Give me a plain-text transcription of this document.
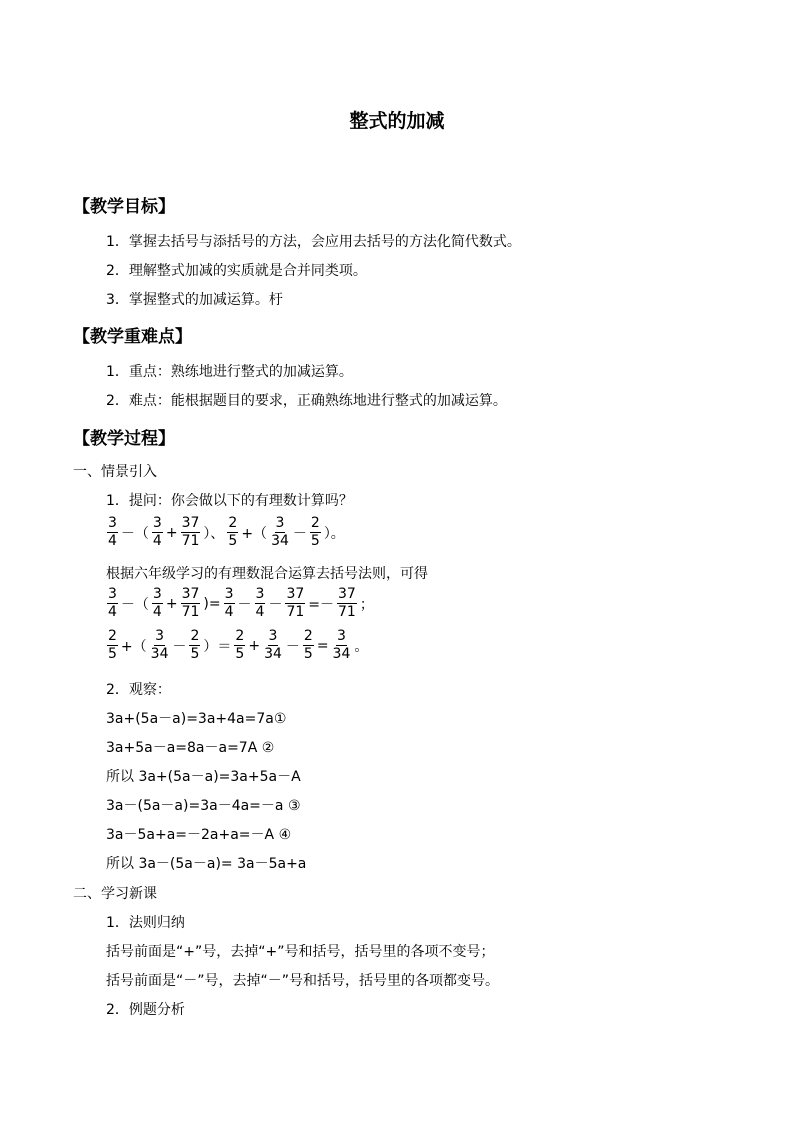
整式的加减
【教学目标】
1．掌握去括号与添括号的方法，会应用去括号的方法化简代数式。
2．理解整式加减的实质就是合并同类项。
3．掌握整式的加减运算。杅
【教学重难点】
1．重点：熟练地进行整式的加减运算。
2．难点：能根据题目的要求，正确熟练地进行整式的加减运算。
【教学过程】
一、情景引入
1．提问：你会做以下的有理数计算吗？
$\frac{3}{4}$ －（ $\frac{3}{4} + \frac{37}{71}$ ）、 $\frac{2}{5}$ +（ $\frac{3}{34} - \frac{2}{5}$ ）。
根据六年级学习的有理数混合运算去括号法则，可得
$\frac{3}{4}$ －（ $\frac{3}{4} + \frac{37}{71}$ )= $\frac{3}{4} - \frac{3}{4} - \frac{37}{71} =- \frac{37}{71}$ ；
$\frac{2}{5}$ +（ $\frac{3}{34} - \frac{2}{5}$ ）＝ $\frac{2}{5} + \frac{3}{34} - \frac{2}{5} = \frac{3}{34}$ 。
2．观察：
3a+(5a－a)=3a+4a=7a①
3a+5a－a=8a－a=7A ②
所以 3a+(5a－a)=3a+5a－A
3a－(5a－a)=3a－4a=－a ③
3a－5a+a=－2a+a=－A ④
所以 3a－(5a－a)= 3a－5a+a
二、学习新课
1．法则归纳
括号前面是“+”号，去掉“+”号和括号，括号里的各项不变号；
括号前面是“－”号，去掉“－”号和括号，括号里的各项都变号。
2．例题分析
